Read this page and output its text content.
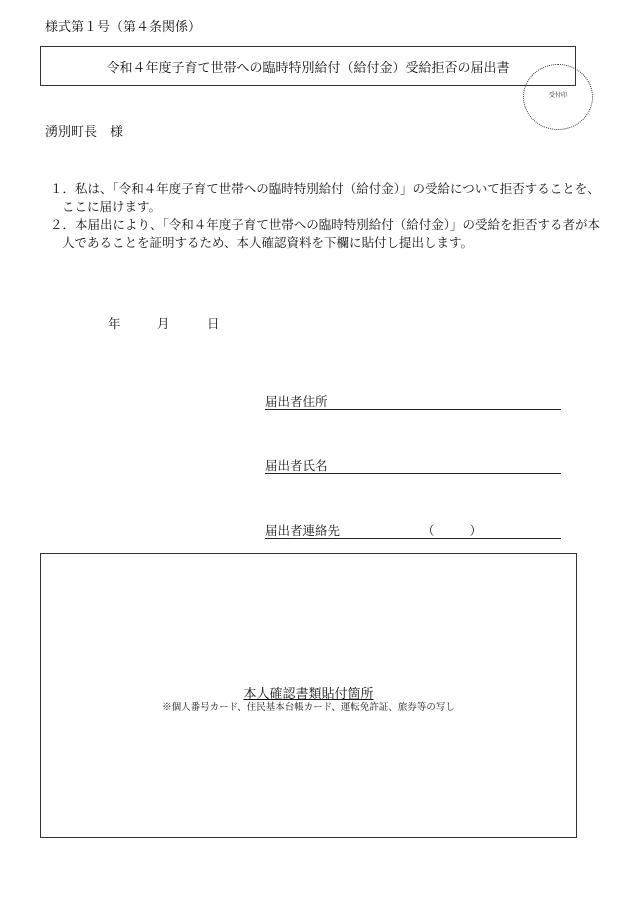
様式第１号（第４条関係）
令和４年度子育て世帯への臨時特別給付（給付金）受給拒否の届出書
受付印
湧別町長　様
１．私は、「令和４年度子育て世帯への臨時特別給付（給付金）」の受給について拒否することを、
ここに届けます。
２．本届出により、「令和４年度子育て世帯への臨時特別給付（給付金）」の受給を拒否する者が本
人であることを証明するため、本人確認資料を下欄に貼付し提出します。
年	月	日
届出者住所
届出者氏名
届出者連絡先	（	）
本人確認書類貼付箇所
※個人番号カード、住民基本台帳カード、運転免許証、旅券等の写し
